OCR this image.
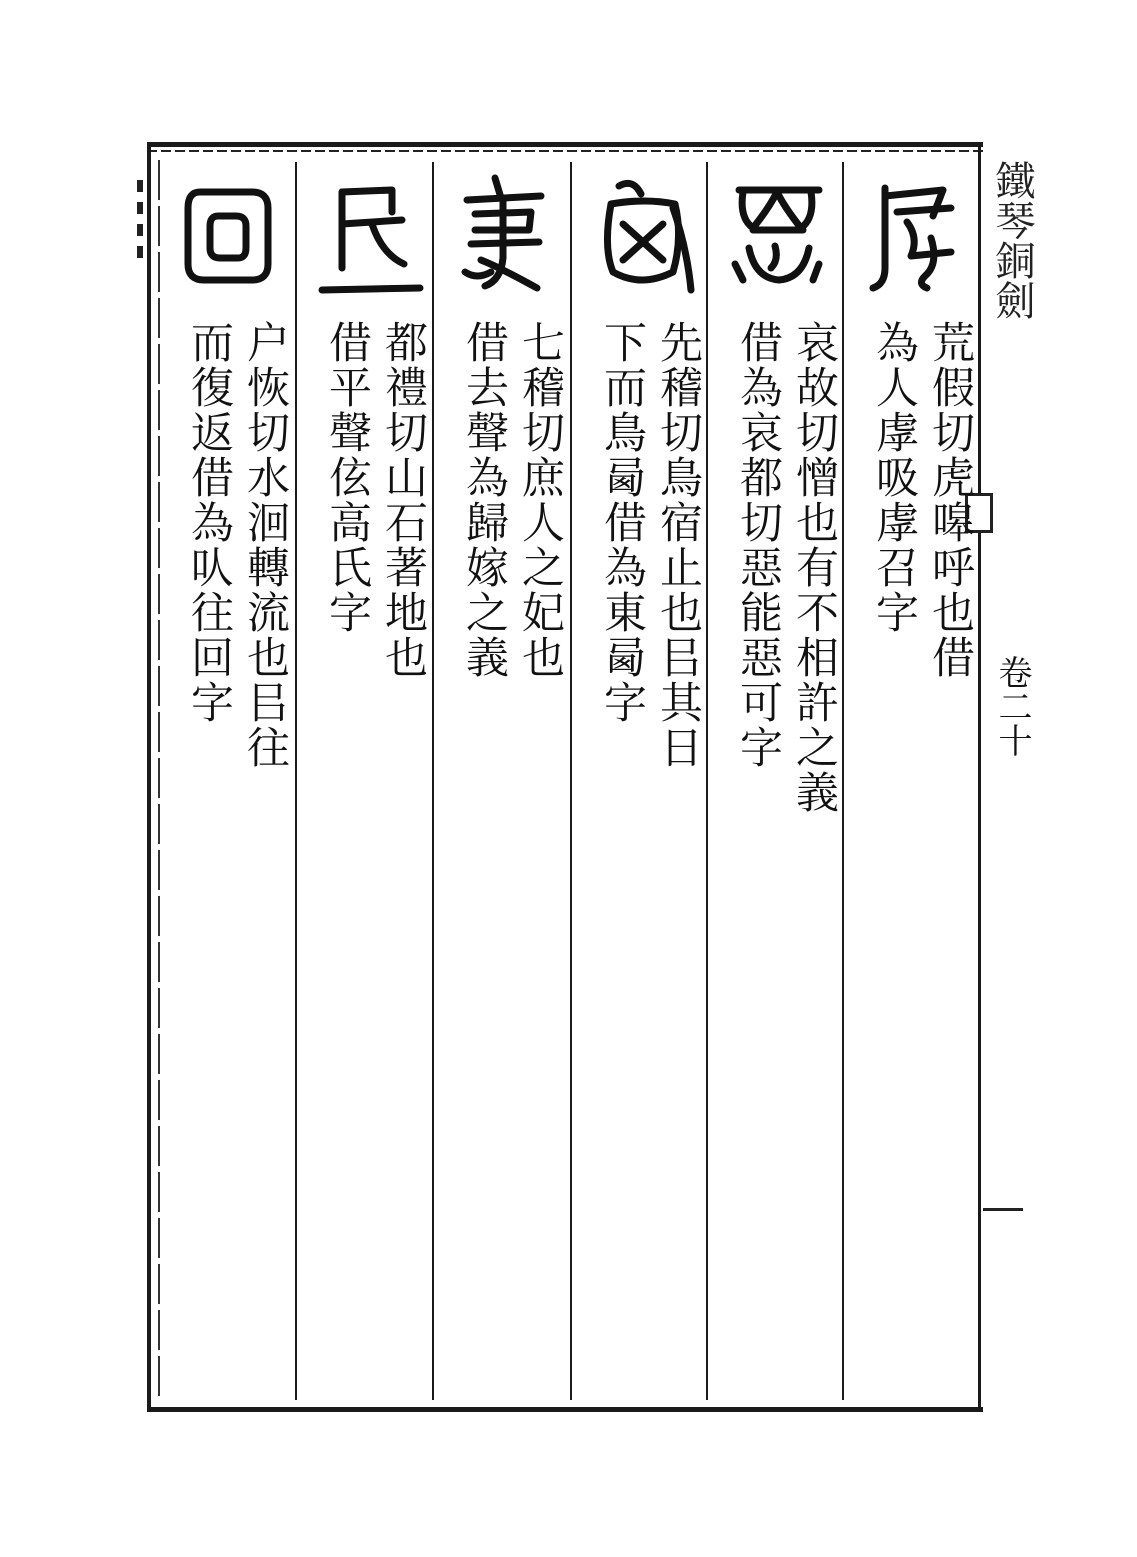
鐵琴銅劍
卷二十
荒假切虎嗥呼也借
為人虖吸虖召字
哀故切憎也有不相許之義
借為哀都切惡能惡可字
先稽切鳥宿止也㠯其日
下而鳥㢴借為東㢴字
七稽切庶人之妃也
借去聲為歸嫁之義
都禮切山石著地也
借平聲伭高氏字
户恢切水洄轉流也㠯往
而復返借為㕥往回字
